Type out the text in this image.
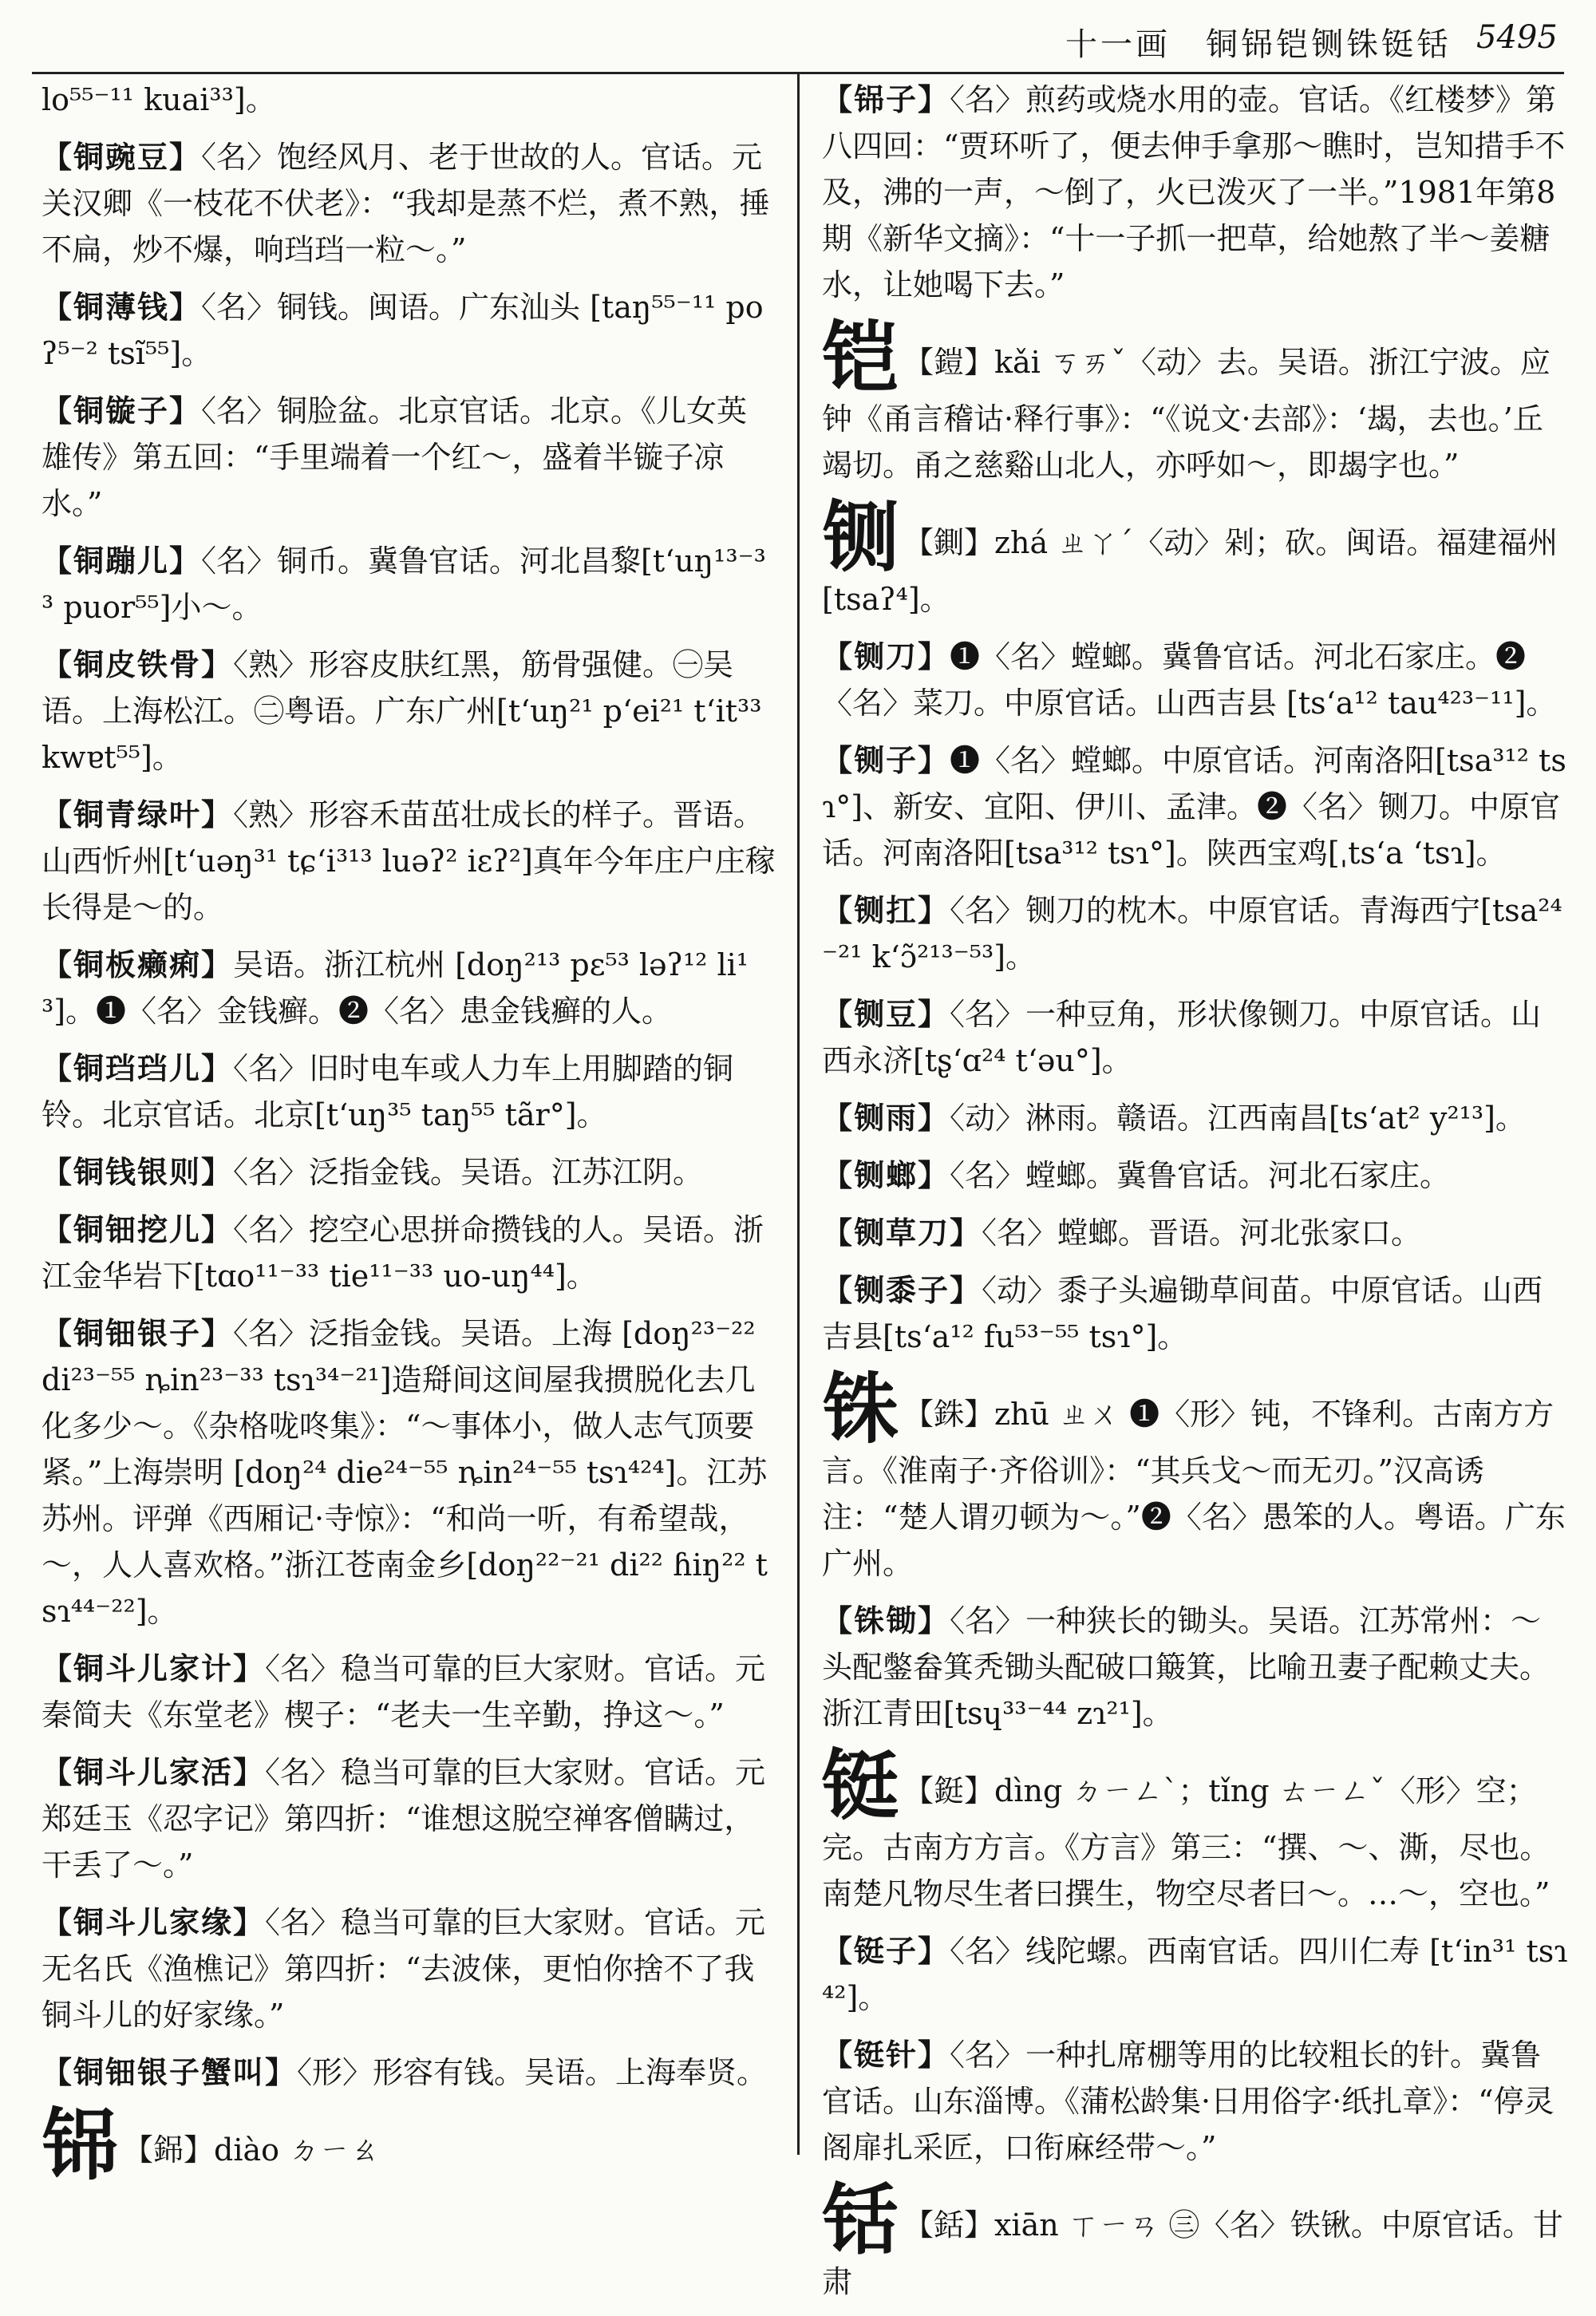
十一画　铜铞铠铡铢铤铦 5495
lo⁵⁵⁻¹¹ kuai³³]。
【铜豌豆】〈名〉饱经风月、老于世故的人。官话。元关汉卿《一枝花不伏老》：“我却是蒸不烂，煮不熟，捶不扁，炒不爆，响珰珰一粒～。”
【铜薄钱】〈名〉铜钱。闽语。广东汕头 [taŋ⁵⁵⁻¹¹ poʔ⁵⁻² tsĩ⁵⁵]。
【铜镟子】〈名〉铜脸盆。北京官话。北京。《儿女英雄传》第五回：“手里端着一个红～，盛着半镟子凉水。”
【铜蹦儿】〈名〉铜币。冀鲁官话。河北昌黎[t‘uŋ¹³⁻³³ puor⁵⁵]小～。
【铜皮铁骨】〈熟〉形容皮肤红黑，筋骨强健。㊀吴语。上海松江。㊁粤语。广东广州[t‘uŋ²¹ p‘ei²¹ t‘it³³ kwɐt⁵⁵]。
【铜青绿叶】〈熟〉形容禾苗茁壮成长的样子。晋语。山西忻州[t‘uəŋ³¹ tɕ‘i³¹³ luəʔ² iɛʔ²]真年今年庄户庄稼长得是～的。
【铜板癞痢】吴语。浙江杭州 [doŋ²¹³ pɛ⁵³ ləʔ¹² li¹³]。❶〈名〉金钱癣。❷〈名〉患金钱癣的人。
【铜珰珰儿】〈名〉旧时电车或人力车上用脚踏的铜铃。北京官话。北京[t‘uŋ³⁵ taŋ⁵⁵ tãr°]。
【铜钱银则】〈名〉泛指金钱。吴语。江苏江阴。
【铜钿挖儿】〈名〉挖空心思拼命攒钱的人。吴语。浙江金华岩下[tɑo¹¹⁻³³ tie¹¹⁻³³ uo-uŋ⁴⁴]。
【铜钿银子】〈名〉泛指金钱。吴语。上海 [doŋ²³⁻²² di²³⁻⁵⁵ ȵin²³⁻³³ tsɿ³⁴⁻²¹]造搿间这间屋我掼脱化去几化多少～。《杂格咙咚集》：“～事体小，做人志气顶要紧。”上海崇明 [doŋ²⁴ die²⁴⁻⁵⁵ ȵin²⁴⁻⁵⁵ tsɿ⁴²⁴]。江苏苏州。评弹《西厢记·寺惊》：“和尚一听，有希望哉，～，人人喜欢格。”浙江苍南金乡[doŋ²²⁻²¹ di²² ɦiŋ²² tsɿ⁴⁴⁻²²]。
【铜斗儿家计】〈名〉稳当可靠的巨大家财。官话。元秦简夫《东堂老》楔子：“老夫一生辛勤，挣这～。”
【铜斗儿家活】〈名〉稳当可靠的巨大家财。官话。元郑廷玉《忍字记》第四折：“谁想这脱空禅客僧瞒过，干丢了～。”
【铜斗儿家缘】〈名〉稳当可靠的巨大家财。官话。元无名氏《渔樵记》第四折：“去波俫，更怕你捨不了我铜斗儿的好家缘。”
【铜钿银子蟹叫】〈形〉形容有钱。吴语。上海奉贤。
铞 【銱】diào ㄉㄧㄠ
【铞子】〈名〉煎药或烧水用的壶。官话。《红楼梦》第八四回：“贾环听了，便去伸手拿那～瞧时，岂知措手不及，沸的一声，～倒了，火已泼灭了一半。”1981年第8期《新华文摘》：“十一子抓一把草，给她熬了半～姜糖水，让她喝下去。”
铠 【鎧】kǎi ㄎㄞˇ〈动〉去。吴语。浙江宁波。应钟《甬言稽诂·释行事》：“《说文·去部》：‘朅，去也。’丘竭切。甬之慈谿山北人，亦呼如～，即朅字也。”
铡 【鍘】zhá ㄓㄚˊ〈动〉剁；砍。闽语。福建福州 [tsaʔ⁴]。
【铡刀】❶〈名〉螳螂。冀鲁官话。河北石家庄。❷〈名〉菜刀。中原官话。山西吉县 [ts‘a¹² tau⁴²³⁻¹¹]。
【铡子】❶〈名〉螳螂。中原官话。河南洛阳[tsa³¹² tsɿ°]、新安、宜阳、伊川、孟津。❷〈名〉铡刀。中原官话。河南洛阳[tsa³¹² tsɿ°]。陕西宝鸡[ˌts‘a ‘tsɿ]。
【铡扛】〈名〉铡刀的枕木。中原官话。青海西宁[tsa²⁴⁻²¹ k‘ɔ̃²¹³⁻⁵³]。
【铡豆】〈名〉一种豆角，形状像铡刀。中原官话。山西永济[tʂ‘ɑ²⁴ t‘əu°]。
【铡雨】〈动〉淋雨。赣语。江西南昌[ts‘at² y²¹³]。
【铡螂】〈名〉螳螂。冀鲁官话。河北石家庄。
【铡草刀】〈名〉螳螂。晋语。河北张家口。
【铡黍子】〈动〉黍子头遍锄草间苗。中原官话。山西吉县[ts‘a¹² fu⁵³⁻⁵⁵ tsɿ°]。
铢 【銖】zhū ㄓㄨ ❶〈形〉钝，不锋利。古南方方言。《淮南子·齐俗训》：“其兵戈～而无刃。”汉高诱注：“楚人谓刃顿为～。”❷〈名〉愚笨的人。粤语。广东广州。
【铢锄】〈名〉一种狭长的锄头。吴语。江苏常州：～头配鐅畚箕秃锄头配破口簸箕，比喻丑妻子配赖丈夫。浙江青田[tsɥ³³⁻⁴⁴ zɿ²¹]。
铤 【鋌】dìng ㄉㄧㄥˋ；tǐng ㄊㄧㄥˇ〈形〉空；完。古南方方言。《方言》第三：“撰、～、澌，尽也。南楚凡物尽生者曰撰生，物空尽者曰～。…～，空也。”
【铤子】〈名〉线陀螺。西南官话。四川仁寿 [t‘in³¹ tsɿ⁴²]。
【铤针】〈名〉一种扎席棚等用的比较粗长的针。冀鲁官话。山东淄博。《蒲松龄集·日用俗字·纸扎章》：“停灵阁扉扎采匠，口衔麻经带～。”
铦 【銛】xiān ㄒㄧㄢ ㊂〈名〉铁锹。中原官话。甘肃
